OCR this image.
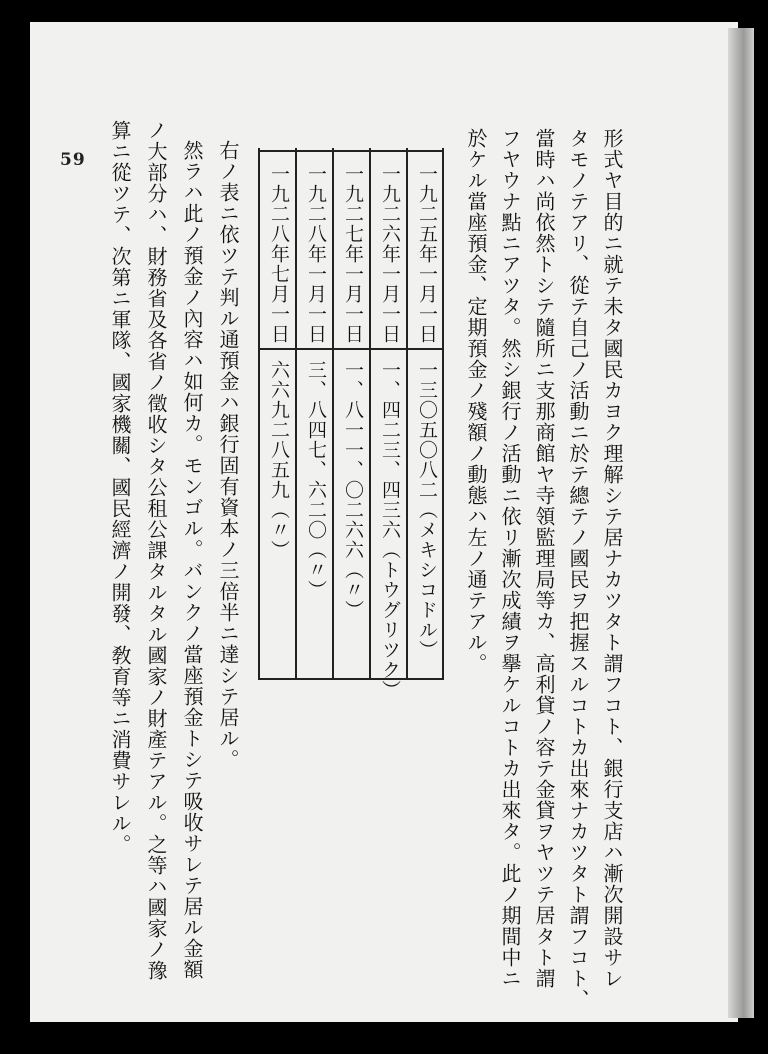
59	形式ヤ目的ニ就テ未タ國民カヨク理解シテ居ナカツタト謂フコト、銀行支店ハ漸次開設サレ
タモノテアリ、從テ自己ノ活動ニ於テ總テノ國民ヲ把握スルコトカ出來ナカツタト謂フコト、
當時ハ尚依然トシテ隨所ニ支那商館ヤ寺領監理局等カ、高利貸ノ容テ金貸ヲヤツテ居タト謂
フヤウナ點ニアツタ。然シ銀行ノ活動ニ依リ漸次成績ヲ擧ケルコトカ出來タ。此ノ期間中ニ
於ケル當座預金、定期預金ノ殘額ノ動態ハ左ノ通テアル。
一九二五年一月一日
一三〇五〇八二（メキシコドル）
一九二六年一月一日
一、四二三、四三六（トウグリツク）
一九二七年一月一日
一、八一一、〇二六六（〃）
一九二八年一月一日
三、八四七、六二〇（〃）
一九二八年七月一日
六六九二八五九（〃）
右ノ表ニ依ツテ判ル通預金ハ銀行固有資本ノ三倍半ニ達シテ居ル。
然ラハ此ノ預金ノ內容ハ如何カ。モンゴル。バンクノ當座預金トシテ吸收サレテ居ル金額
ノ大部分ハ、財務省及各省ノ徵收シタ公租公課タルタル國家ノ財產テアル。之等ハ國家ノ豫
算ニ從ツテ、次第ニ軍隊、國家機關、國民經濟ノ開發、敎育等ニ消費サレル。
